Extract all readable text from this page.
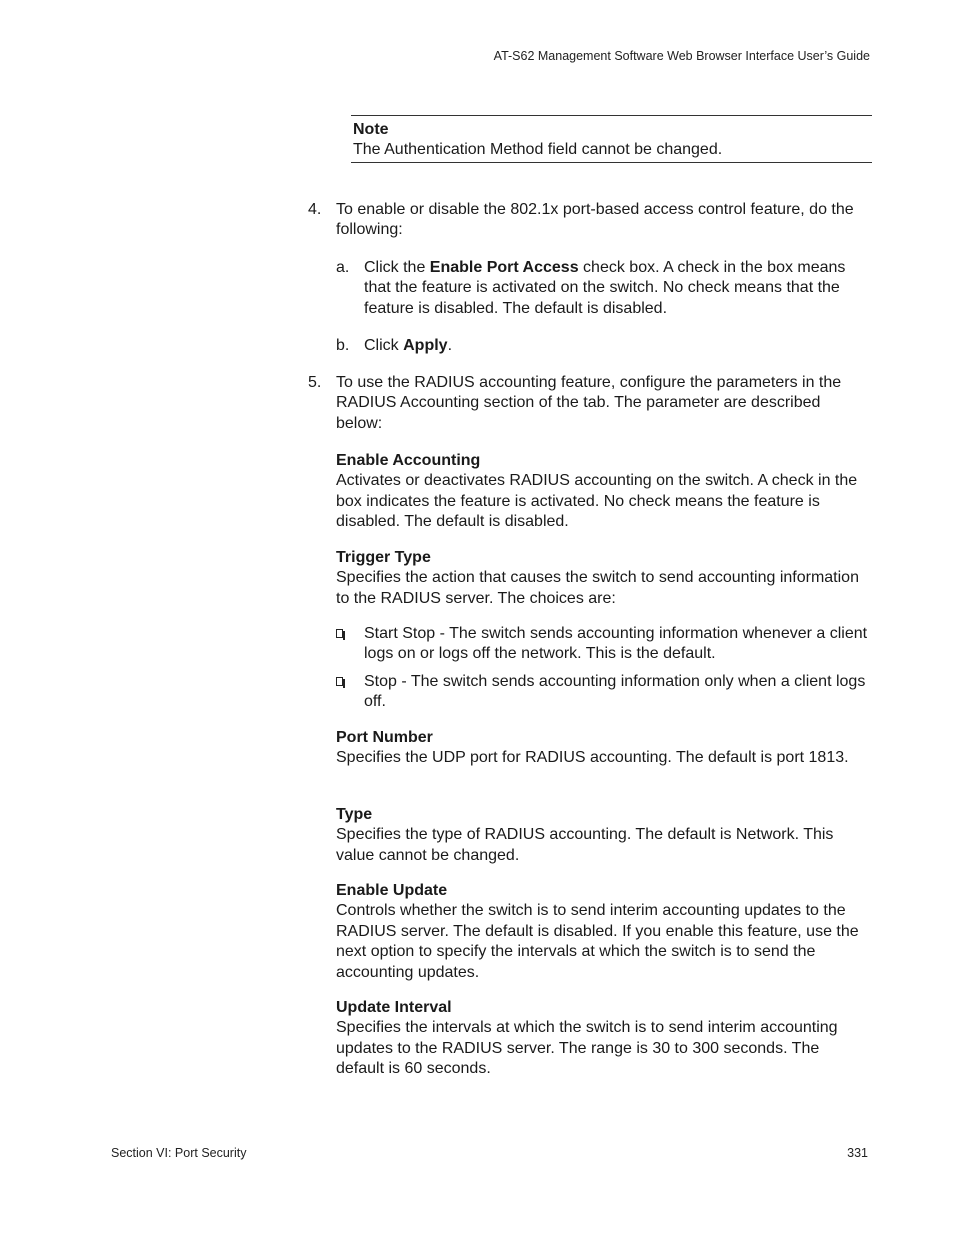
AT-S62 Management Software Web Browser Interface User’s Guide
Note
The Authentication Method field cannot be changed.
4. To enable or disable the 802.1x port-based access control feature, do the following:
a. Click the Enable Port Access check box. A check in the box means that the feature is activated on the switch. No check means that the feature is disabled. The default is disabled.
b. Click Apply.
5. To use the RADIUS accounting feature, configure the parameters in the RADIUS Accounting section of the tab. The parameter are described below:
Enable Accounting
Activates or deactivates RADIUS accounting on the switch. A check in the box indicates the feature is activated. No check means the feature is disabled. The default is disabled.
Trigger Type
Specifies the action that causes the switch to send accounting information to the RADIUS server. The choices are:
Start Stop - The switch sends accounting information whenever a client logs on or logs off the network. This is the default.
Stop - The switch sends accounting information only when a client logs off.
Port Number
Specifies the UDP port for RADIUS accounting. The default is port 1813.
Type
Specifies the type of RADIUS accounting. The default is Network. This value cannot be changed.
Enable Update
Controls whether the switch is to send interim accounting updates to the RADIUS server. The default is disabled. If you enable this feature, use the next option to specify the intervals at which the switch is to send the accounting updates.
Update Interval
Specifies the intervals at which the switch is to send interim accounting updates to the RADIUS server. The range is 30 to 300 seconds. The default is 60 seconds.
Section VI: Port Security	331
